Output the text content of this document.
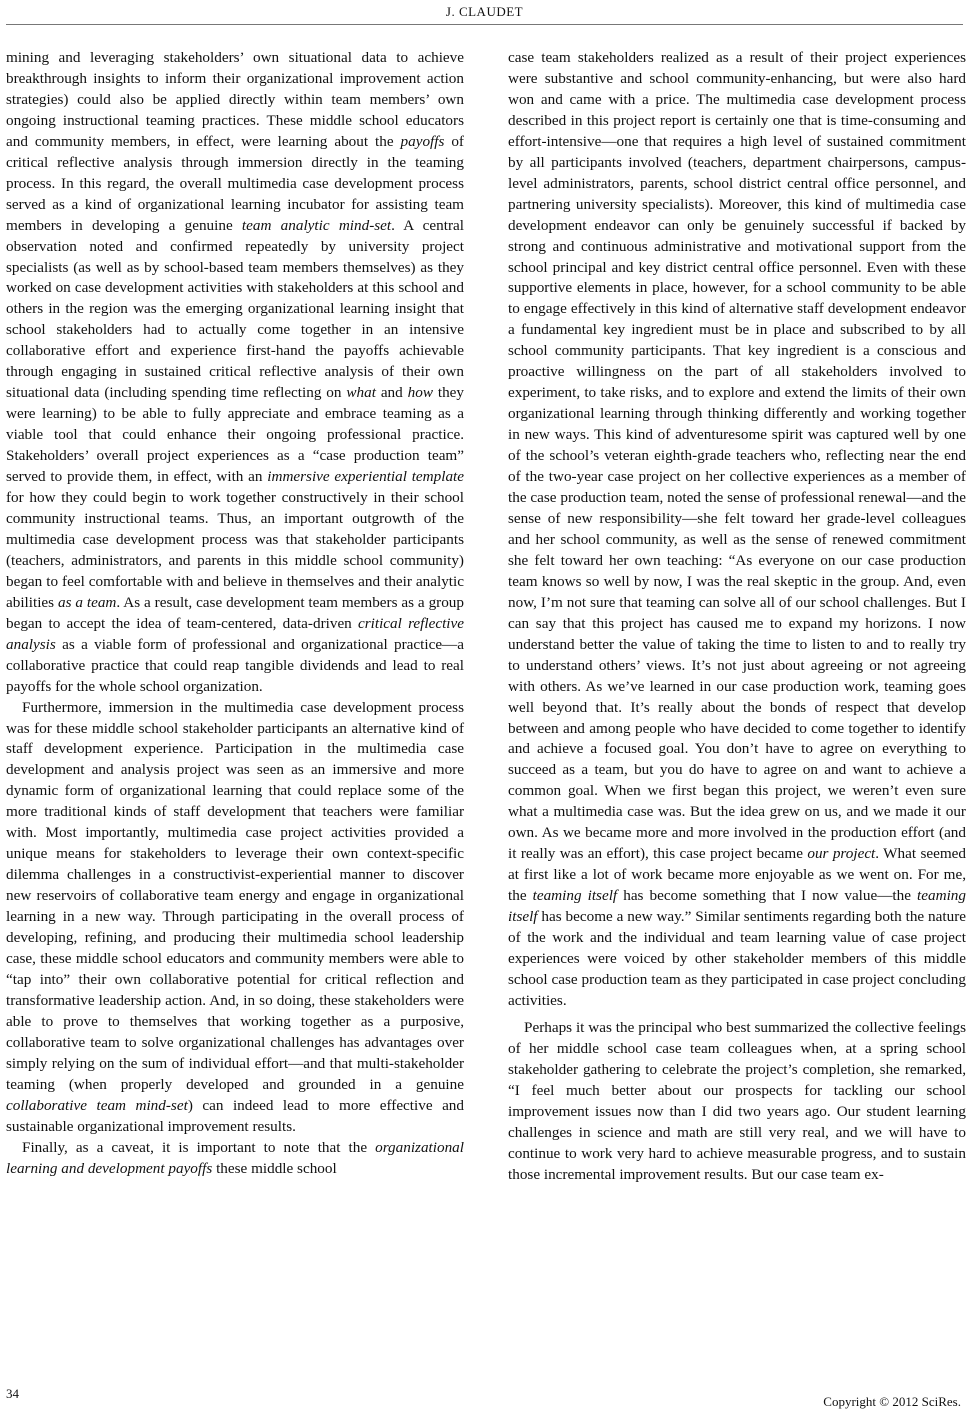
J. CLAUDET

mining and leveraging stakeholders’ own situational data to achieve breakthrough insights to inform their organizational improvement action strategies) could also be applied directly within team members’ own ongoing instructional teaming practices. These middle school educators and community members, in effect, were learning about the payoffs of critical reflective analysis through immersion directly in the teaming process. In this regard, the overall multimedia case development process served as a kind of organizational learning incubator for assisting team members in developing a genuine team analytic mind-set. A central observation noted and confirmed repeatedly by university project specialists (as well as by school-based team members themselves) as they worked on case development activities with stakeholders at this school and others in the region was the emerging organizational learning insight that school stakeholders had to actually come together in an intensive collaborative effort and experience first-hand the payoffs achievable through engaging in sustained critical reflective analysis of their own situational data (including spending time reflecting on what and how they were learning) to be able to fully appreciate and embrace teaming as a viable tool that could enhance their ongoing professional practice. Stakeholders’ overall project experiences as a “case production team” served to provide them, in effect, with an immersive experiential template for how they could begin to work together constructively in their school community instructional teams. Thus, an important outgrowth of the multimedia case development process was that stakeholder participants (teachers, administrators, and parents in this middle school community) began to feel comfortable with and believe in themselves and their analytic abilities as a team. As a result, case development team members as a group began to accept the idea of team-centered, data-driven critical reflective analysis as a viable form of professional and organizational practice—a collaborative practice that could reap tangible dividends and lead to real payoffs for the whole school organization.

Furthermore, immersion in the multimedia case development process was for these middle school stakeholder participants an alternative kind of staff development experience. Participation in the multimedia case development and analysis project was seen as an immersive and more dynamic form of organizational learning that could replace some of the more traditional kinds of staff development that teachers were familiar with. Most importantly, multimedia case project activities provided a unique means for stakeholders to leverage their own context-specific dilemma challenges in a constructivist-experiential manner to discover new reservoirs of collaborative team energy and engage in organizational learning in a new way. Through participating in the overall process of developing, refining, and producing their multimedia school leadership case, these middle school educators and community members were able to “tap into” their own collaborative potential for critical reflection and transformative leadership action. And, in so doing, these stakeholders were able to prove to themselves that working together as a purposive, collaborative team to solve organizational challenges has advantages over simply relying on the sum of individual effort—and that multi-stakeholder teaming (when properly developed and grounded in a genuine collaborative team mind-set) can indeed lead to more effective and sustainable organizational improvement results.

Finally, as a caveat, it is important to note that the organizational learning and development payoffs these middle school

case team stakeholders realized as a result of their project experiences were substantive and school community-enhancing, but were also hard won and came with a price. The multimedia case development process described in this project report is certainly one that is time-consuming and effort-intensive—one that requires a high level of sustained commitment by all participants involved (teachers, department chairpersons, campus-level administrators, parents, school district central office personnel, and partnering university specialists). Moreover, this kind of multimedia case development endeavor can only be genuinely successful if backed by strong and continuous administrative and motivational support from the school principal and key district central office personnel. Even with these supportive elements in place, however, for a school community to be able to engage effectively in this kind of alternative staff development endeavor a fundamental key ingredient must be in place and subscribed to by all school community participants. That key ingredient is a conscious and proactive willingness on the part of all stakeholders involved to experiment, to take risks, and to explore and extend the limits of their own organizational learning through thinking differently and working together in new ways. This kind of adventuresome spirit was captured well by one of the school’s veteran eighth-grade teachers who, reflecting near the end of the two-year case project on her collective experiences as a member of the case production team, noted the sense of professional renewal—and the sense of new responsibility—she felt toward her grade-level colleagues and her school community, as well as the sense of renewed commitment she felt toward her own teaching: “As everyone on our case production team knows so well by now, I was the real skeptic in the group. And, even now, I’m not sure that teaming can solve all of our school challenges. But I can say that this project has caused me to expand my horizons. I now understand better the value of taking the time to listen to and to really try to understand others’ views. It’s not just about agreeing or not agreeing with others. As we’ve learned in our case production work, teaming goes well beyond that. It’s really about the bonds of respect that develop between and among people who have decided to come together to identify and achieve a focused goal. You don’t have to agree on everything to succeed as a team, but you do have to agree on and want to achieve a common goal. When we first began this project, we weren’t even sure what a multimedia case was. But the idea grew on us, and we made it our own. As we became more and more involved in the production effort (and it really was an effort), this case project became our project. What seemed at first like a lot of work became more enjoyable as we went on. For me, the teaming itself has become something that I now value—the teaming itself has become a new way.” Similar sentiments regarding both the nature of the work and the individual and team learning value of case project experiences were voiced by other stakeholder members of this middle school case production team as they participated in case project concluding activities.

Perhaps it was the principal who best summarized the collective feelings of her middle school case team colleagues when, at a spring school stakeholder gathering to celebrate the project’s completion, she remarked, “I feel much better about our prospects for tackling our school improvement issues now than I did two years ago. Our student learning challenges in science and math are still very real, and we will have to continue to work very hard to achieve measurable progress, and to sustain those incremental improvement results. But our case team ex-

34
Copyright © 2012 SciRes.
